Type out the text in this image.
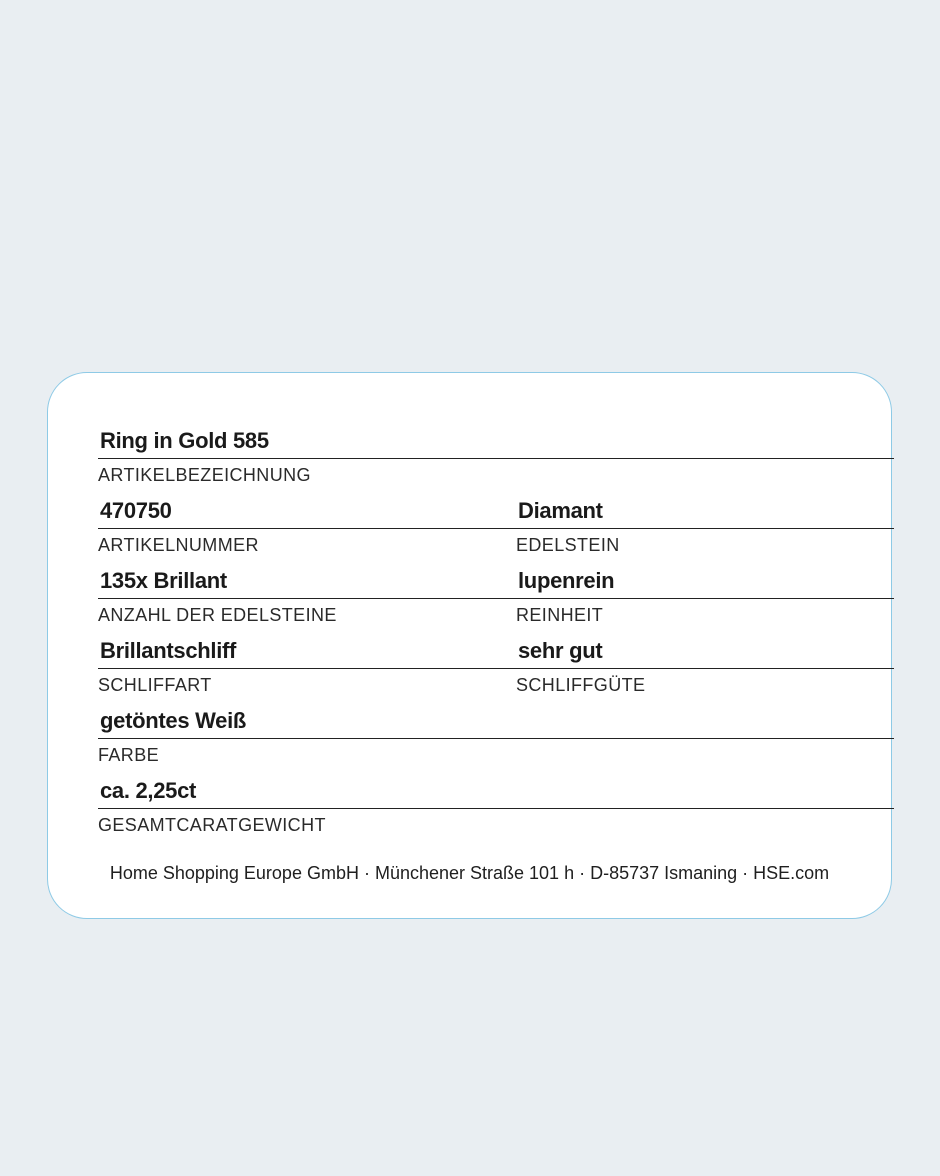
Ring in Gold 585
ARTIKELBEZEICHNUNG
470750
ARTIKELNUMMER
Diamant
EDELSTEIN
135x Brillant
ANZAHL DER EDELSTEINE
lupenrein
REINHEIT
Brillantschliff
SCHLIFFART
sehr gut
SCHLIFFGÜTE
getöntes Weiß
FARBE
ca. 2,25ct
GESAMTCARATGEWICHT
Home Shopping Europe GmbH · Münchener Straße 101 h · D-85737 Ismaning · HSE.com
